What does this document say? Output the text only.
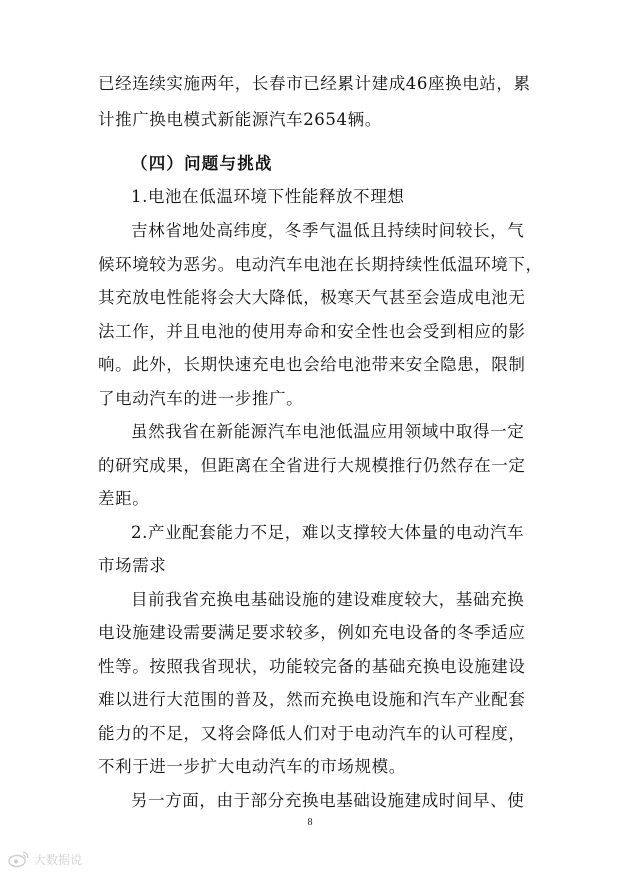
已经连续实施两年，长春市已经累计建成46座换电站，累
计推广换电模式新能源汽车2654辆。
（四）问题与挑战
1.电池在低温环境下性能释放不理想
吉林省地处高纬度，冬季气温低且持续时间较长，气
候环境较为恶劣。电动汽车电池在长期持续性低温环境下，
其充放电性能将会大大降低，极寒天气甚至会造成电池无
法工作，并且电池的使用寿命和安全性也会受到相应的影
响。此外，长期快速充电也会给电池带来安全隐患，限制
了电动汽车的进一步推广。
虽然我省在新能源汽车电池低温应用领域中取得一定
的研究成果，但距离在全省进行大规模推行仍然存在一定
差距。
2.产业配套能力不足，难以支撑较大体量的电动汽车
市场需求
目前我省充换电基础设施的建设难度较大，基础充换
电设施建设需要满足要求较多，例如充电设备的冬季适应
性等。按照我省现状，功能较完备的基础充换电设施建设
难以进行大范围的普及，然而充换电设施和汽车产业配套
能力的不足，又将会降低人们对于电动汽车的认可程度，
不利于进一步扩大电动汽车的市场规模。
另一方面，由于部分充换电基础设施建成时间早、使
8
大数据说
